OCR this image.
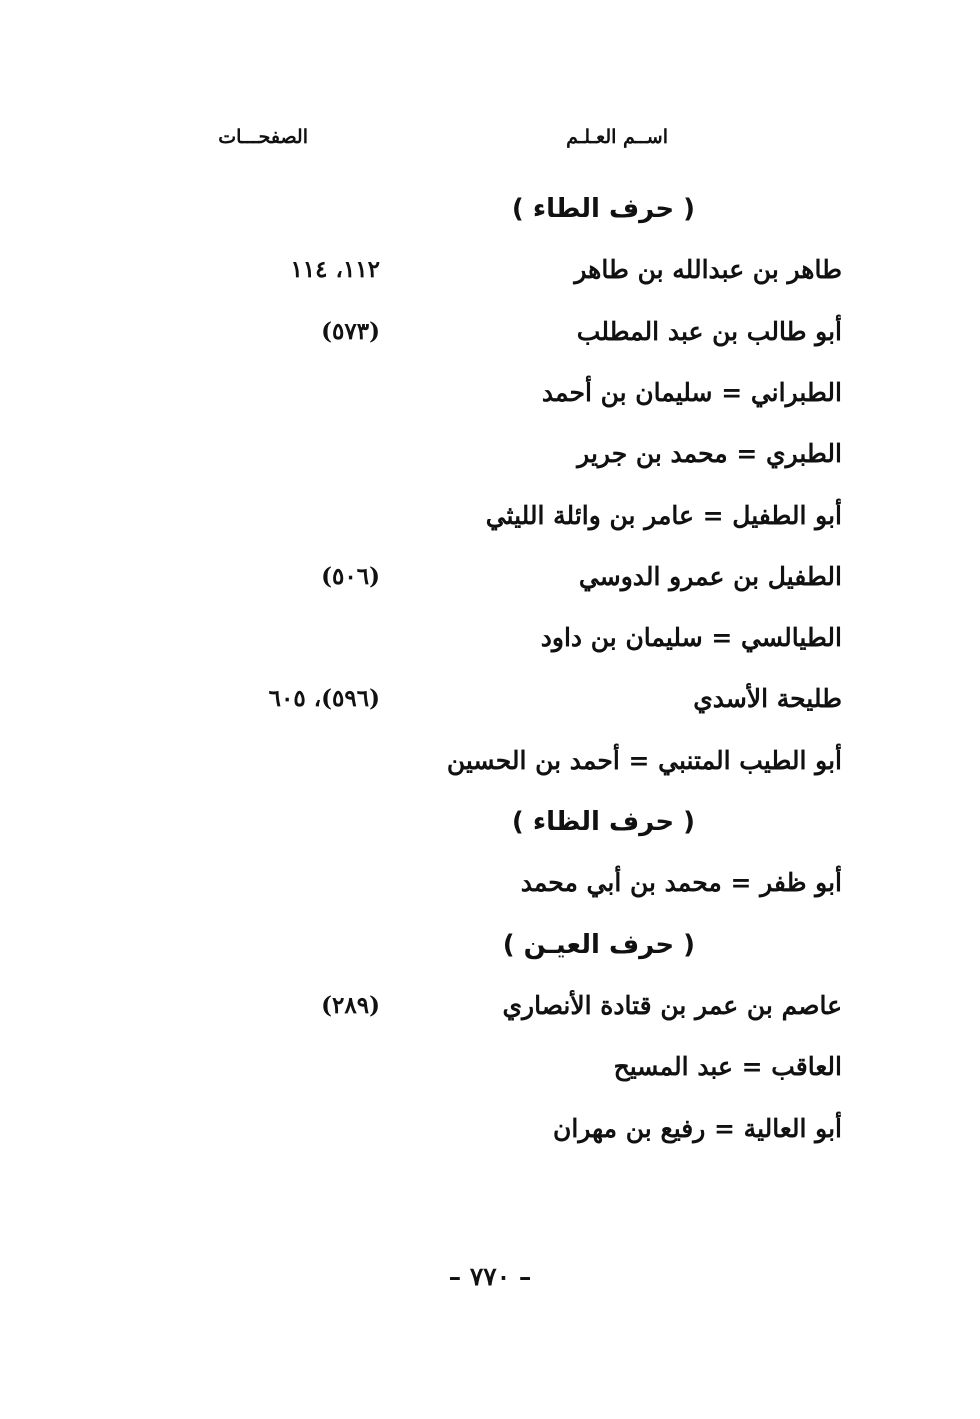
اســم العـلـم
الصفحـــات
( حرف الطاء )
طاهر بن عبدالله بن طاهر
١١٢، ١١٤
أبو طالب بن عبد المطلب
(٥٧٣)
الطبراني = سليمان بن أحمد
الطبري = محمد بن جرير
أبو الطفيل = عامر بن وائلة الليثي
الطفيل بن عمرو الدوسي
(٥٠٦)
الطيالسي = سليمان بن داود
طليحة الأسدي
(٥٩٦)، ٦٠٥
أبو الطيب المتنبي = أحمد بن الحسين
( حرف الظاء )
أبو ظفر = محمد بن أبي محمد
( حرف العيـن )
عاصم بن عمر بن قتادة الأنصاري
(٢٨٩)
العاقب = عبد المسيح
أبو العالية = رفيع بن مهران
– ٧٧٠ –
